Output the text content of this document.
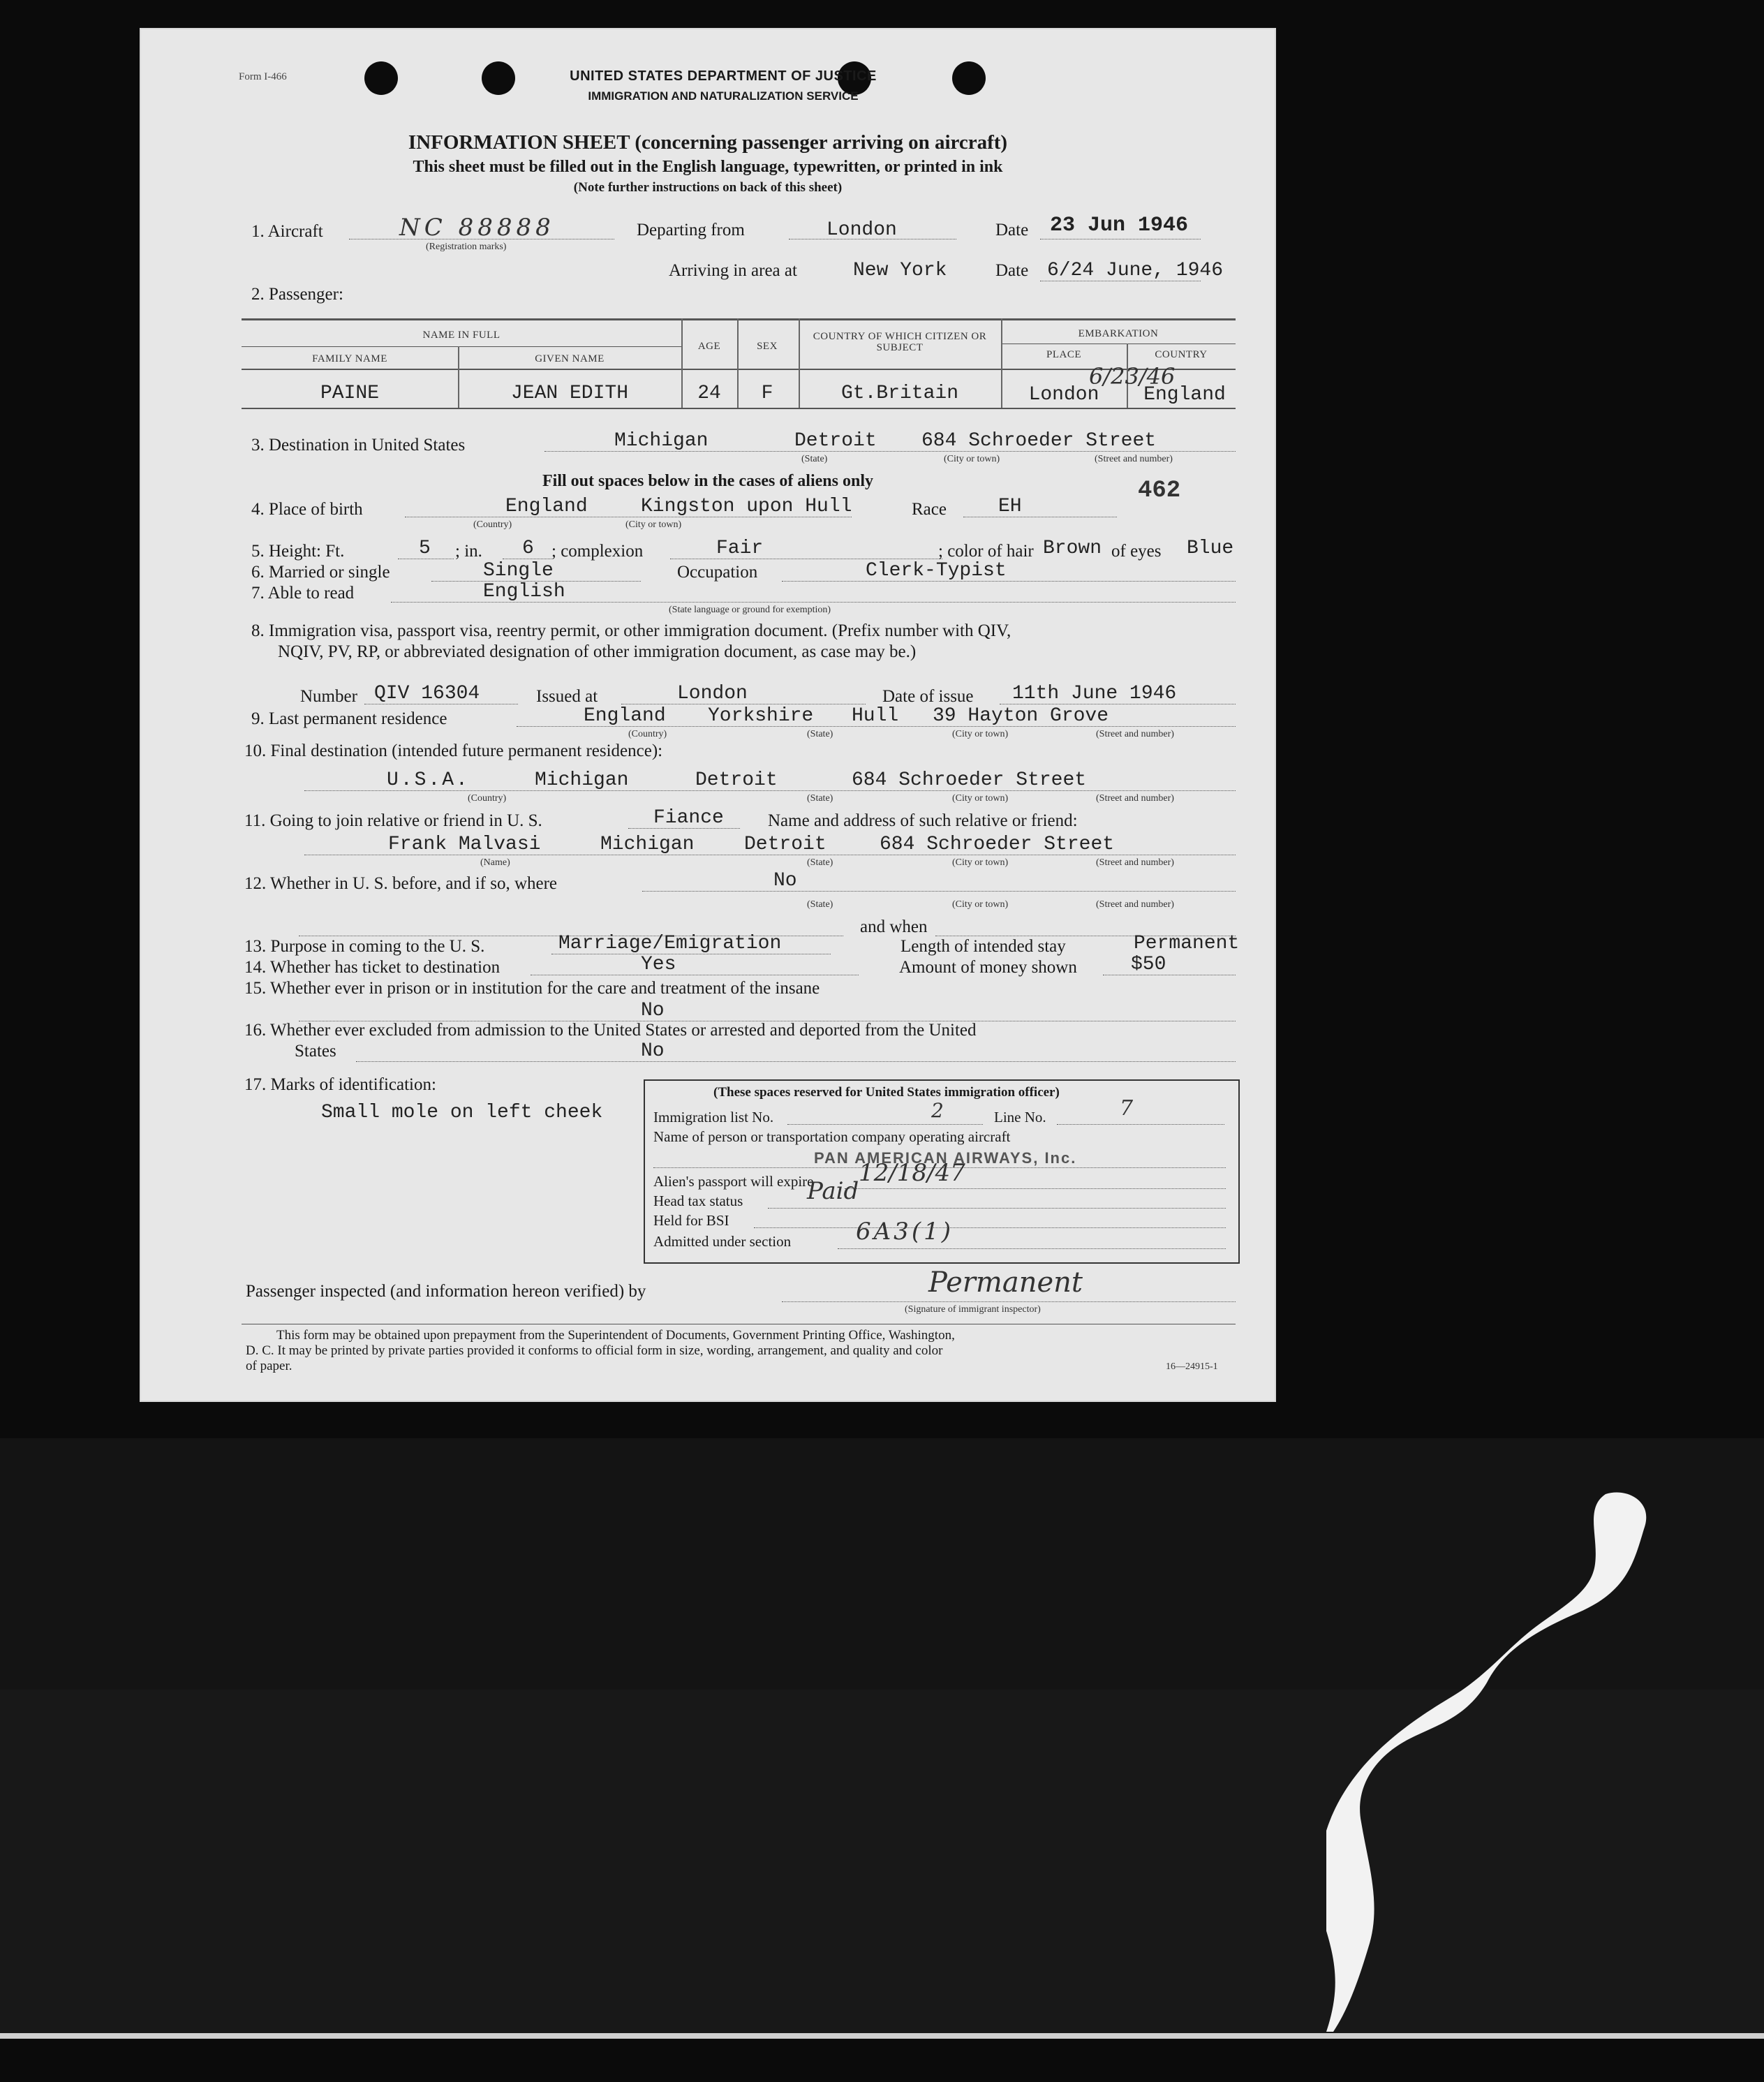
Form I-466	UNITED STATES DEPARTMENT OF JUSTICE
IMMIGRATION AND NATURALIZATION SERVICE
INFORMATION SHEET (concerning passenger arriving on aircraft)
This sheet must be filled out in the English language, typewritten, or printed in ink
(Note further instructions on back of this sheet)
1. Aircraft	NC 88888
(Registration marks)
Departing from	London	Date 23 Jun 1946
Arriving in area at	New York	Date 6/24 June, 1946
2. Passenger:
NAME IN FULL
FAMILY NAME	GIVEN NAME
AGE	SEX
COUNTRY OF WHICH CITIZEN OR SUBJECT
EMBARKATION
PLACE	COUNTRY
PAINE	JEAN EDITH	24	F	Gt.Britain	London	England
6/23/46
3. Destination in United States	Michigan	Detroit 684 Schroeder Street
(State)	(City or town)	(Street and number)
Fill out spaces below in the cases of aliens only
4. Place of birth	England	Kingston upon Hull
(Country)	(City or town)
Race	EH
462
5. Height: Ft.	5 ; in. 6 ; complexion	Fair	; color of hair Brown of eyes Blue
6. Married or single	Single	Occupation	Clerk-Typist
7. Able to read	English
(State language or ground for exemption)
8. Immigration visa, passport visa, reentry permit, or other immigration document. (Prefix number with QIV,
NQIV, PV, RP, or abbreviated designation of other immigration document, as case may be.)
Number QIV 16304	Issued at	London	Date of issue 11th June 1946
9. Last permanent residence	England Yorkshire Hull 39 Hayton Grove
(Country)	(State)	(City or town)	(Street and number)
10. Final destination (intended future permanent residence):
U.S.A.	Michigan	Detroit	684 Schroeder Street
(Country)	(State)	(City or town)	(Street and number)
11. Going to join relative or friend in U. S.	Fiance	Name and address of such relative or friend:
Frank Malvasi	Michigan	Detroit	684 Schroeder Street
(Name)	(State)	(City or town)	(Street and number)
12. Whether in U. S. before, and if so, where	No
(State)	(City or town)	(Street and number)
and when
13. Purpose in coming to the U. S.	Marriage/Emigration	Length of intended stay	Permanent
14. Whether has ticket to destination	Yes	Amount of money shown	$50
15. Whether ever in prison or in institution for the care and treatment of the insane
No
16. Whether ever excluded from admission to the United States or arrested and deported from the United
States	No
17. Marks of identification:
Small mole on left cheek
(These spaces reserved for United States immigration officer)
Immigration list No.	2	Line No.	7
Name of person or transportation company operating aircraft
PAN AMERICAN AIRWAYS, Inc.
Alien's passport will expire 12/18/47
Head tax status	Paid
Held for BSI
Admitted under section	6A3(1)
Passenger inspected (and information hereon verified) by	Permanent
(Signature of immigrant inspector)
This form may be obtained upon prepayment from the Superintendent of Documents, Government Printing Office, Washington,
D. C. It may be printed by private parties provided it conforms to official form in size, wording, arrangement, and quality and color
of paper.	16—24915-1
